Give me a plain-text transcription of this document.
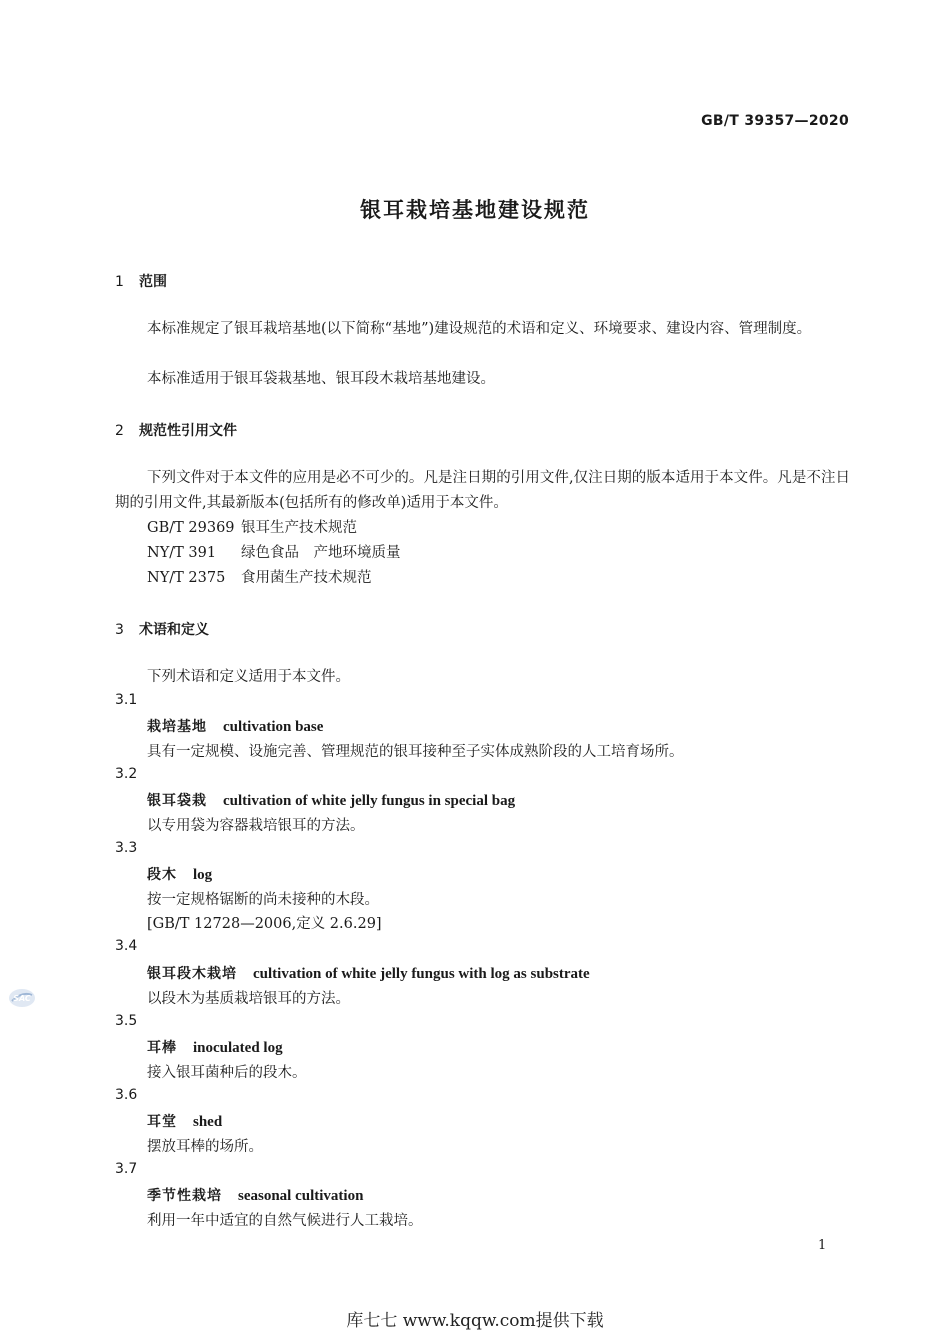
GB/T 39357—2020
银耳栽培基地建设规范
1 范围
本标准规定了银耳栽培基地(以下简称“基地”)建设规范的术语和定义、环境要求、建设内容、管理制度。
本标准适用于银耳袋栽基地、银耳段木栽培基地建设。
2 规范性引用文件
下列文件对于本文件的应用是必不可少的。凡是注日期的引用文件,仅注日期的版本适用于本文件。凡是不注日期的引用文件,其最新版本(包括所有的修改单)适用于本文件。
GB/T 29369 银耳生产技术规范
NY/T 391 绿色食品　产地环境质量
NY/T 2375 食用菌生产技术规范
3 术语和定义
下列术语和定义适用于本文件。
3.1
栽培基地 cultivation base
具有一定规模、设施完善、管理规范的银耳接种至子实体成熟阶段的人工培育场所。
3.2
银耳袋栽 cultivation of white jelly fungus in special bag
以专用袋为容器栽培银耳的方法。
3.3
段木 log
按一定规格锯断的尚未接种的木段。
[GB/T 12728—2006,定义 2.6.29]
3.4
银耳段木栽培 cultivation of white jelly fungus with log as substrate
以段木为基质栽培银耳的方法。
3.5
耳棒 inoculated log
接入银耳菌种后的段木。
3.6
耳堂 shed
摆放耳棒的场所。
3.7
季节性栽培 seasonal cultivation
利用一年中适宜的自然气候进行人工栽培。
SAC
1
库七七 www.kqqw.com提供下载
